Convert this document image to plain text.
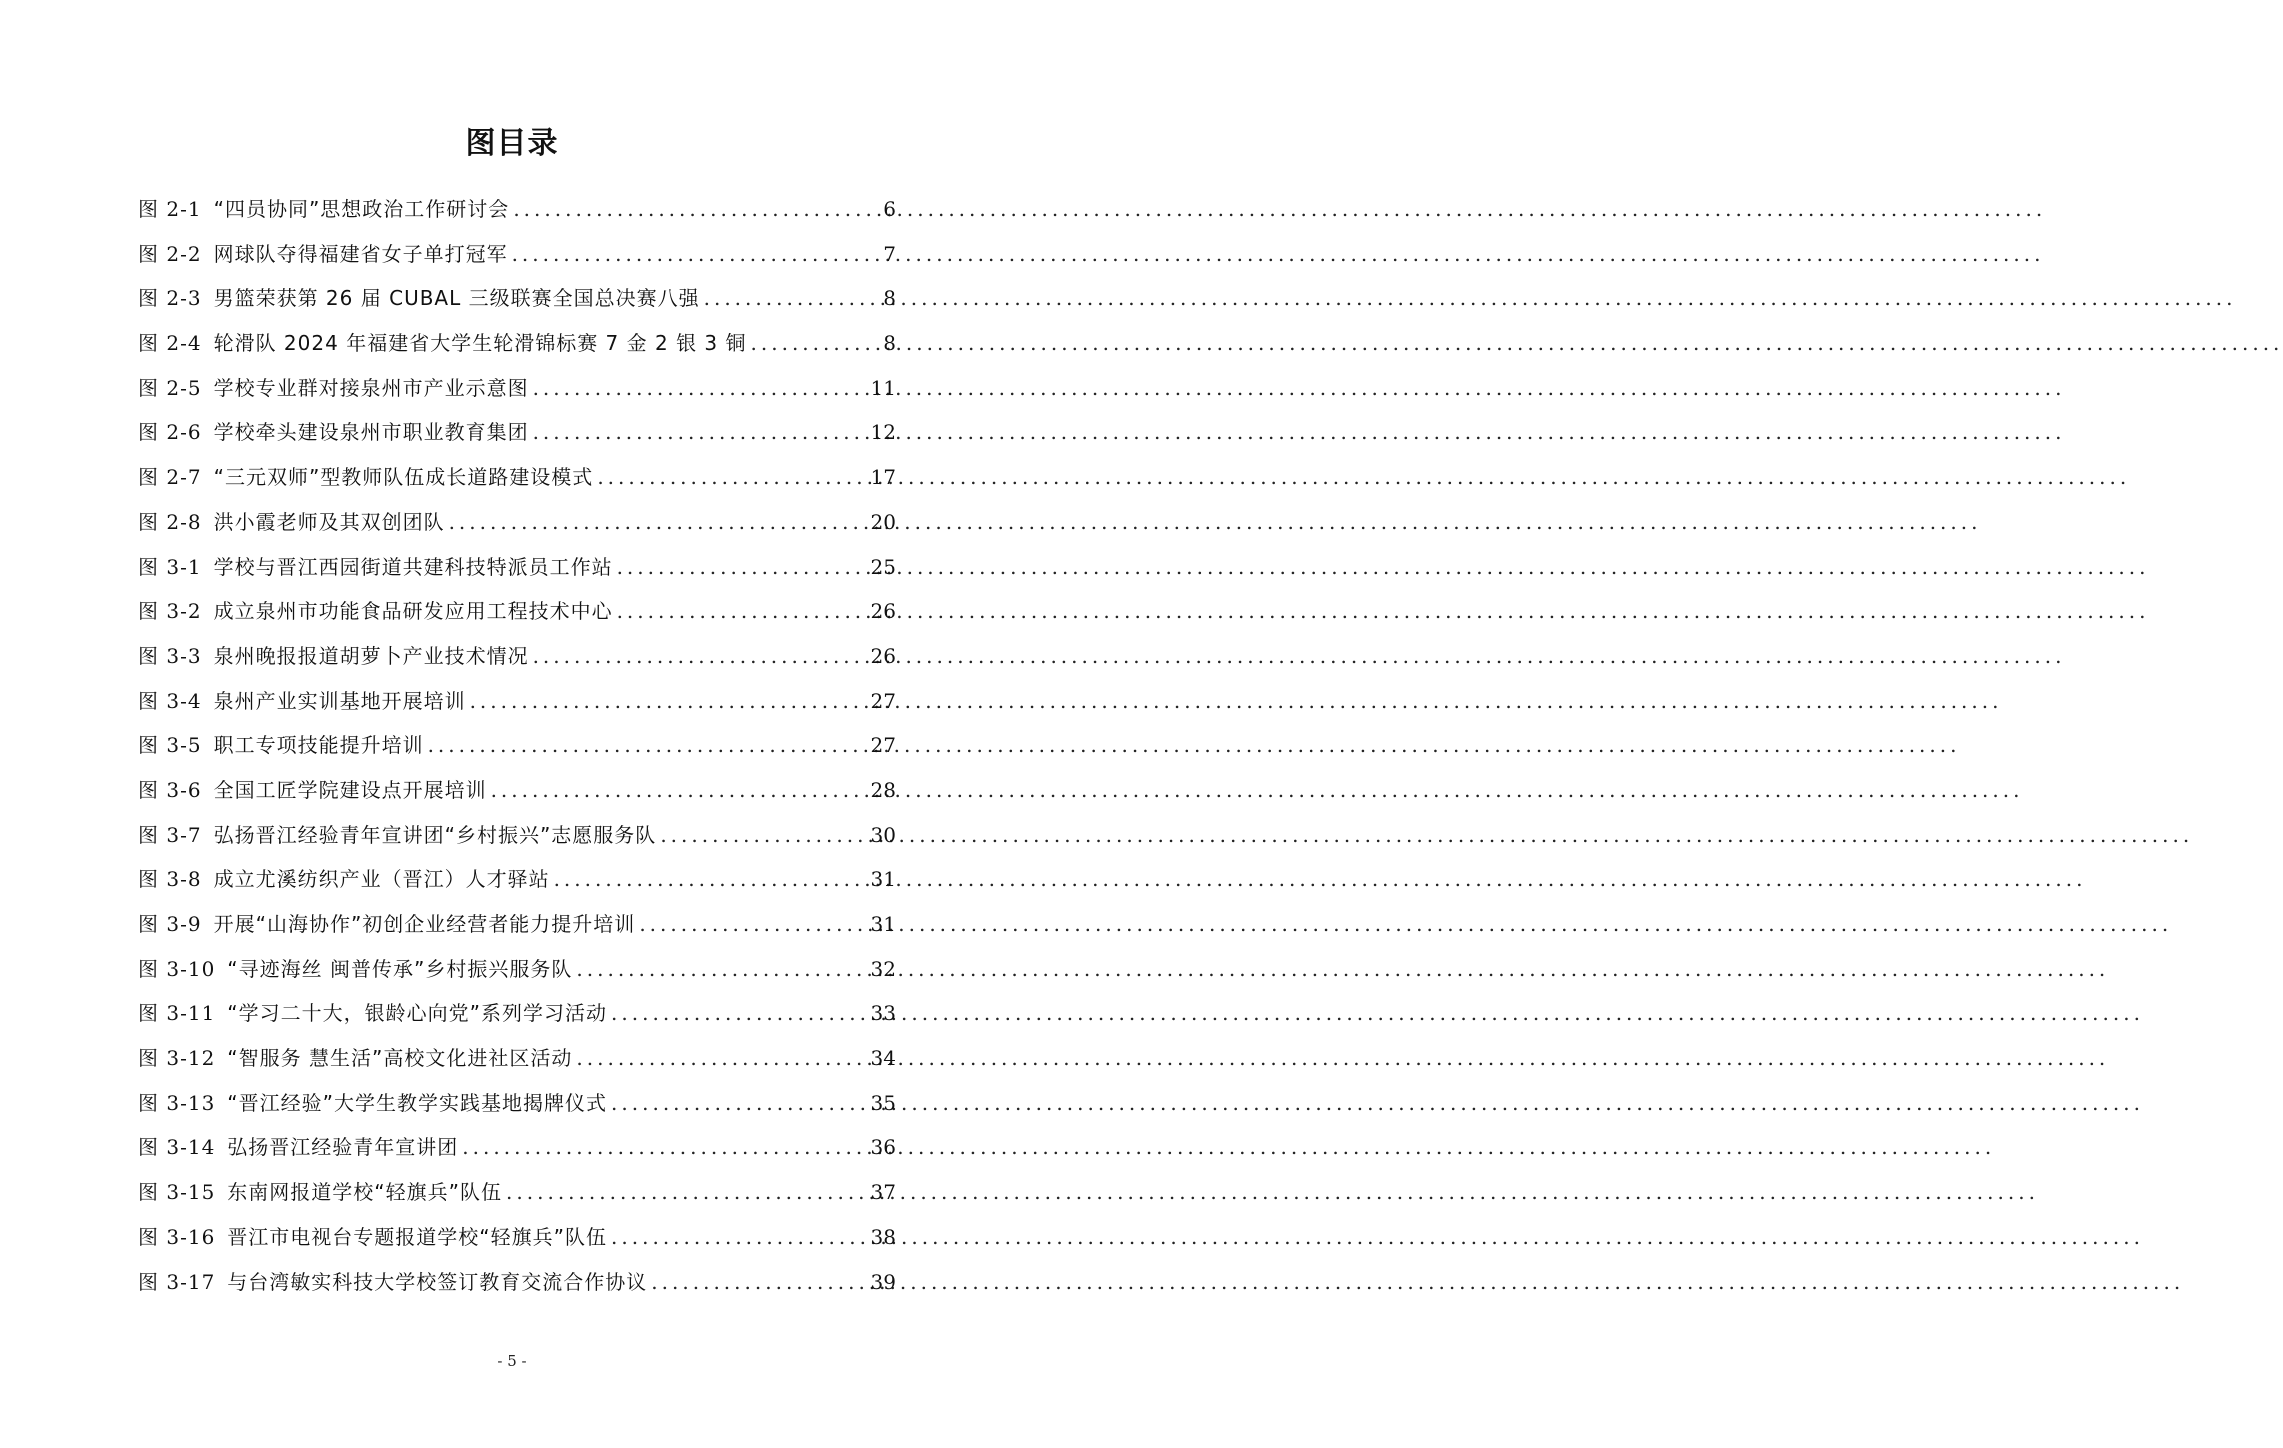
图目录
图 2-1 “四员协同”思想政治工作研讨会 .....	6
图 2-2 网球队夺得福建省女子单打冠军 .....	7
图 2-3 男篮荣获第 26 届 CUBAL 三级联赛全国总决赛八强 .....	8
图 2-4 轮滑队 2024 年福建省大学生轮滑锦标赛 7 金 2 银 3 铜 .....	8
图 2-5 学校专业群对接泉州市产业示意图 .....	11
图 2-6 学校牵头建设泉州市职业教育集团 .....	12
图 2-7 “三元双师”型教师队伍成长道路建设模式 .....	17
图 2-8 洪小霞老师及其双创团队 .....	20
图 3-1 学校与晋江西园街道共建科技特派员工作站 .....	25
图 3-2 成立泉州市功能食品研发应用工程技术中心 .....	26
图 3-3 泉州晚报报道胡萝卜产业技术情况 .....	26
图 3-4 泉州产业实训基地开展培训 .....	27
图 3-5 职工专项技能提升培训 .....	27
图 3-6 全国工匠学院建设点开展培训 .....	28
图 3-7 弘扬晋江经验青年宣讲团“乡村振兴”志愿服务队 .....	30
图 3-8 成立尤溪纺织产业（晋江）人才驿站 .....	31
图 3-9 开展“山海协作”初创企业经营者能力提升培训 .....	31
图 3-10 “寻迹海丝 闽普传承”乡村振兴服务队 .....	32
图 3-11 “学习二十大，银龄心向党”系列学习活动 .....	33
图 3-12 “智服务 慧生活”高校文化进社区活动 .....	34
图 3-13 “晋江经验”大学生教学实践基地揭牌仪式 .....	35
图 3-14 弘扬晋江经验青年宣讲团 .....	36
图 3-15 东南网报道学校“轻旗兵”队伍 .....	37
图 3-16 晋江市电视台专题报道学校“轻旗兵”队伍 .....	38
图 3-17 与台湾敏实科技大学校签订教育交流合作协议 .....	39
- 5 -
